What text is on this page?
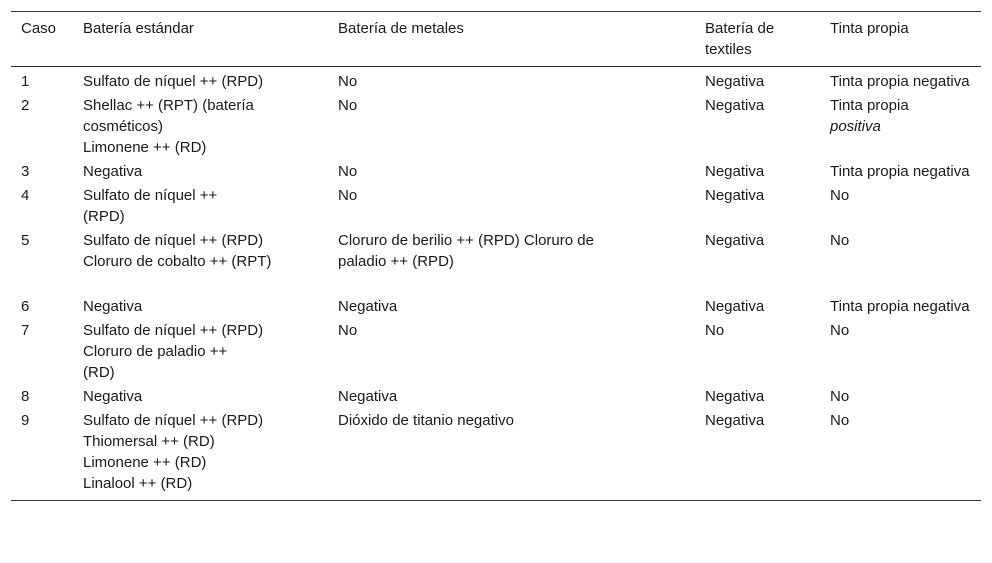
Caso	Batería estándar	Batería de metales	Batería de textiles	Tinta propia
1	Sulfato de níquel ++ (RPD)	No	Negativa	Tinta propia negativa

2	Shellac ++ (RPT) (batería cosméticos)
Limonene ++ (RD)	No	Negativa	Tinta propia
positiva

3	Negativa	No	Negativa	Tinta propia negativa

4	Sulfato de níquel ++
(RPD)	No	Negativa	No

5	Sulfato de níquel ++ (RPD)
Cloruro de cobalto ++ (RPT)	Cloruro de berilio ++ (RPD) Cloruro de paladio ++ (RPD)	Negativa	No

6	Negativa	Negativa	Negativa	Tinta propia negativa

7	Sulfato de níquel ++ (RPD)
Cloruro de paladio ++
(RD)	No	No	No

8	Negativa	Negativa	Negativa	No

9	Sulfato de níquel ++ (RPD)
Thiomersal ++ (RD)
Limonene ++ (RD)
Linalool ++ (RD)	Dióxido de titanio negativo	Negativa	No
